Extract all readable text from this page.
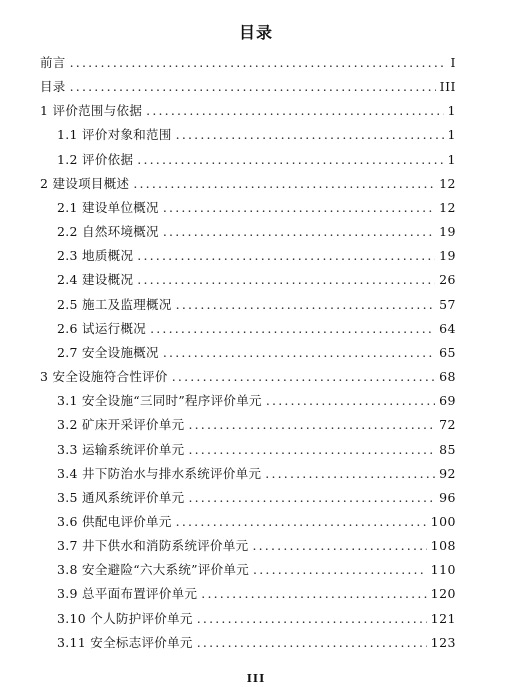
目录
前言 .....	I
目录 .....	III
1 评价范围与依据 .....	1
1.1 评价对象和范围 .....	1
1.2 评价依据 .....	1
2 建设项目概述 .....	12
2.1 建设单位概况 .....	12
2.2 自然环境概况 .....	19
2.3 地质概况 .....	19
2.4 建设概况 .....	26
2.5 施工及监理概况 .....	57
2.6 试运行概况 .....	64
2.7 安全设施概况 .....	65
3 安全设施符合性评价 .....	68
3.1 安全设施“三同时”程序评价单元 .....	69
3.2 矿床开采评价单元 .....	72
3.3 运输系统评价单元 .....	85
3.4 井下防治水与排水系统评价单元 .....	92
3.5 通风系统评价单元 .....	96
3.6 供配电评价单元 .....	100
3.7 井下供水和消防系统评价单元 .....	108
3.8 安全避险“六大系统”评价单元 .....	110
3.9 总平面布置评价单元 .....	120
3.10 个人防护评价单元 .....	121
3.11 安全标志评价单元 .....	123
III
